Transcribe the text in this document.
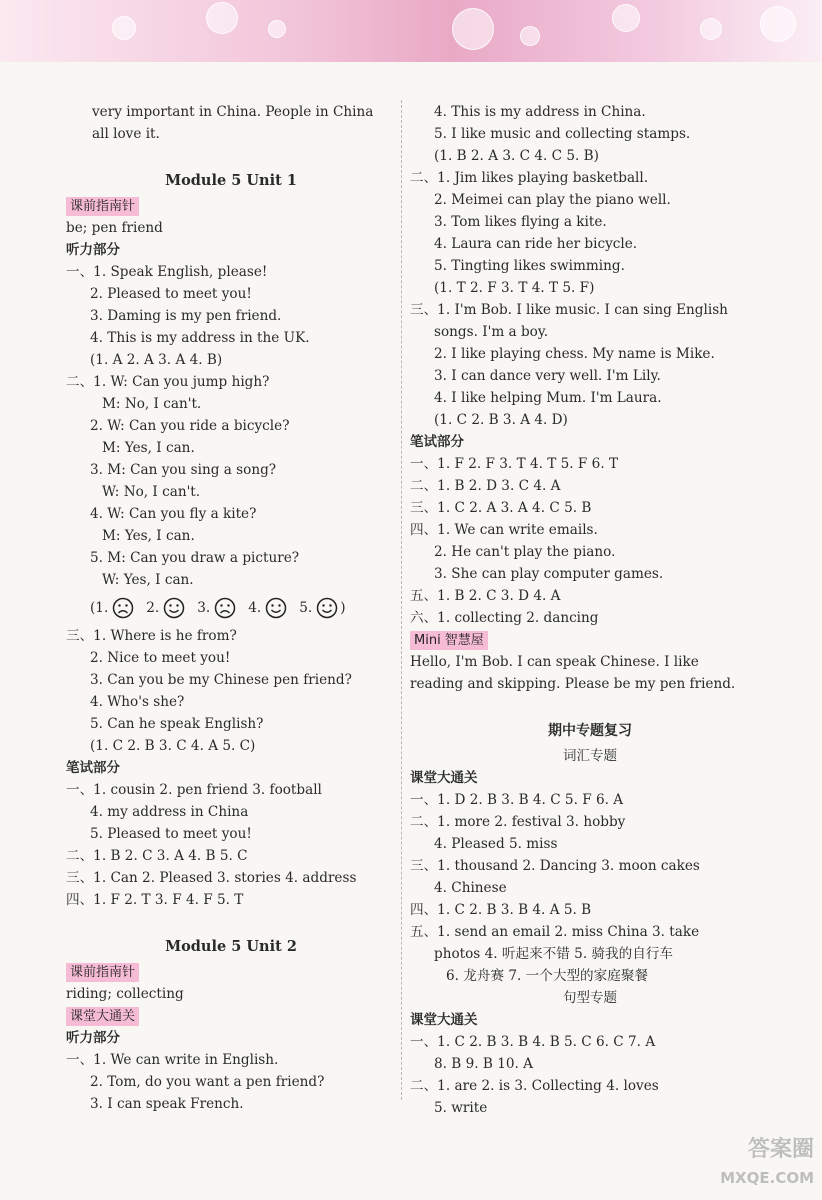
very important in China. People in China
all love it.
Module 5 Unit 1
课前指南针
be; pen friend
听力部分
一、1. Speak English, please!
2. Pleased to meet you!
3. Daming is my pen friend.
4. This is my address in the UK.
(1. A 2. A 3. A 4. B)
二、1. W: Can you jump high?
M: No, I can't.
2. W: Can you ride a bicycle?
M: Yes, I can.
3. M: Can you sing a song?
W: No, I can't.
4. W: Can you fly a kite?
M: Yes, I can.
5. M: Can you draw a picture?
W: Yes, I can.
(1.	2.	3.	4.	5. )
三、1. Where is he from?
2. Nice to meet you!
3. Can you be my Chinese pen friend?
4. Who's she?
5. Can he speak English?
(1. C 2. B 3. C 4. A 5. C)
笔试部分
一、1. cousin 2. pen friend 3. football
4. my address in China
5. Pleased to meet you!
二、1. B 2. C 3. A 4. B 5. C
三、1. Can 2. Pleased 3. stories 4. address
四、1. F 2. T 3. F 4. F 5. T
Module 5 Unit 2
课前指南针
riding; collecting
课堂大通关
听力部分
一、1. We can write in English.
2. Tom, do you want a pen friend?
3. I can speak French.
4. This is my address in China.
5. I like music and collecting stamps.
(1. B 2. A 3. C 4. C 5. B)
二、1. Jim likes playing basketball.
2. Meimei can play the piano well.
3. Tom likes flying a kite.
4. Laura can ride her bicycle.
5. Tingting likes swimming.
(1. T 2. F 3. T 4. T 5. F)
三、1. I'm Bob. I like music. I can sing English
songs. I'm a boy.
2. I like playing chess. My name is Mike.
3. I can dance very well. I'm Lily.
4. I like helping Mum. I'm Laura.
(1. C 2. B 3. A 4. D)
笔试部分
一、1. F 2. F 3. T 4. T 5. F 6. T
二、1. B 2. D 3. C 4. A
三、1. C 2. A 3. A 4. C 5. B
四、1. We can write emails.
2. He can't play the piano.
3. She can play computer games.
五、1. B 2. C 3. D 4. A
六、1. collecting 2. dancing
Mini 智慧屋
Hello, I'm Bob. I can speak Chinese. I like
reading and skipping. Please be my pen friend.
期中专题复习
词汇专题
课堂大通关
一、1. D 2. B 3. B 4. C 5. F 6. A
二、1. more 2. festival 3. hobby
4. Pleased 5. miss
三、1. thousand 2. Dancing 3. moon cakes
4. Chinese
四、1. C 2. B 3. B 4. A 5. B
五、1. send an email 2. miss China 3. take
photos 4. 听起来不错 5. 骑我的自行车
6. 龙舟赛 7. 一个大型的家庭聚餐
句型专题
课堂大通关
一、1. C 2. B 3. B 4. B 5. C 6. C 7. A
8. B 9. B 10. A
二、1. are 2. is 3. Collecting 4. loves
5. write
答案圈
MXQE.COM
